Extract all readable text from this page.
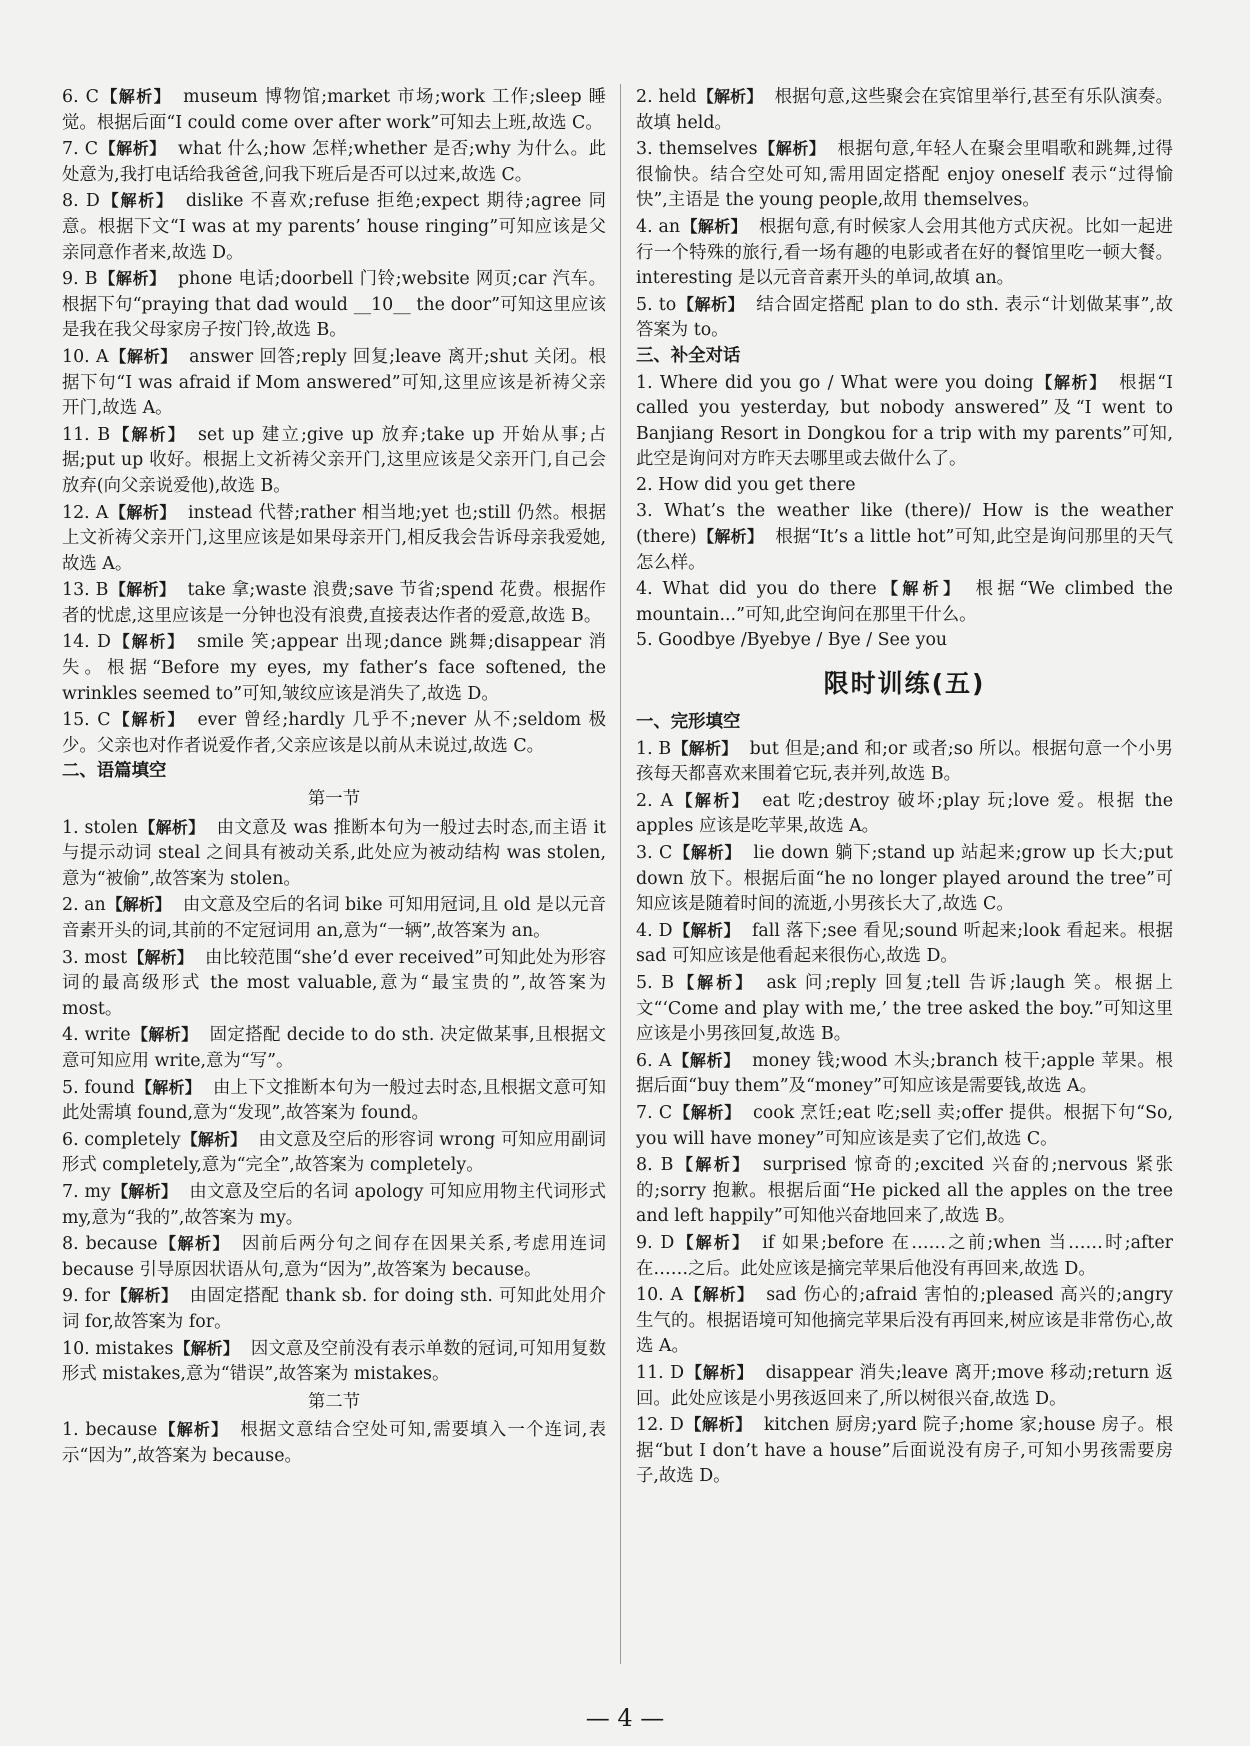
6. C【解析】 museum 博物馆;market 市场;work 工作;sleep 睡觉。根据后面“I could come over after work”可知去上班,故选 C。

7. C【解析】 what 什么;how 怎样;whether 是否;why 为什么。此处意为,我打电话给我爸爸,问我下班后是否可以过来,故选 C。

8. D【解析】 dislike 不喜欢;refuse 拒绝;expect 期待;agree 同意。根据下文“I was at my parents’ house ringing”可知应该是父亲同意作者来,故选 D。

9. B【解析】 phone 电话;doorbell 门铃;website 网页;car 汽车。根据下句“praying that dad would __10__ the door”可知这里应该是我在我父母家房子按门铃,故选 B。

10. A【解析】 answer 回答;reply 回复;leave 离开;shut 关闭。根据下句“I was afraid if Mom answered”可知,这里应该是祈祷父亲开门,故选 A。

11. B【解析】 set up 建立;give up 放弃;take up 开始从事;占据;put up 收好。根据上文祈祷父亲开门,这里应该是父亲开门,自己会放弃(向父亲说爱他),故选 B。

12. A【解析】 instead 代替;rather 相当地;yet 也;still 仍然。根据上文祈祷父亲开门,这里应该是如果母亲开门,相反我会告诉母亲我爱她,故选 A。

13. B【解析】 take 拿;waste 浪费;save 节省;spend 花费。根据作者的忧虑,这里应该是一分钟也没有浪费,直接表达作者的爱意,故选 B。

14. D【解析】 smile 笑;appear 出现;dance 跳舞;disappear 消失。根据“Before my eyes, my father’s face softened, the wrinkles seemed to”可知,皱纹应该是消失了,故选 D。

15. C【解析】 ever 曾经;hardly 几乎不;never 从不;seldom 极少。父亲也对作者说爱作者,父亲应该是以前从未说过,故选 C。

二、语篇填空
第一节

1. stolen【解析】 由文意及 was 推断本句为一般过去时态,而主语 it 与提示动词 steal 之间具有被动关系,此处应为被动结构 was stolen,意为“被偷”,故答案为 stolen。

2. an【解析】 由文意及空后的名词 bike 可知用冠词,且 old 是以元音音素开头的词,其前的不定冠词用 an,意为“一辆”,故答案为 an。

3. most【解析】 由比较范围“she’d ever received”可知此处为形容词的最高级形式 the most valuable,意为“最宝贵的”,故答案为 most。

4. write【解析】 固定搭配 decide to do sth. 决定做某事,且根据文意可知应用 write,意为“写”。

5. found【解析】 由上下文推断本句为一般过去时态,且根据文意可知此处需填 found,意为“发现”,故答案为 found。

6. completely【解析】 由文意及空后的形容词 wrong 可知应用副词形式 completely,意为“完全”,故答案为 completely。

7. my【解析】 由文意及空后的名词 apology 可知应用物主代词形式 my,意为“我的”,故答案为 my。

8. because【解析】 因前后两分句之间存在因果关系,考虑用连词 because 引导原因状语从句,意为“因为”,故答案为 because。

9. for【解析】 由固定搭配 thank sb. for doing sth. 可知此处用介词 for,故答案为 for。

10. mistakes【解析】 因文意及空前没有表示单数的冠词,可知用复数形式 mistakes,意为“错误”,故答案为 mistakes。

第二节

1. because【解析】 根据文意结合空处可知,需要填入一个连词,表示“因为”,故答案为 because。

2. held【解析】 根据句意,这些聚会在宾馆里举行,甚至有乐队演奏。故填 held。

3. themselves【解析】 根据句意,年轻人在聚会里唱歌和跳舞,过得很愉快。结合空处可知,需用固定搭配 enjoy oneself 表示“过得愉快”,主语是 the young people,故用 themselves。

4. an【解析】 根据句意,有时候家人会用其他方式庆祝。比如一起进行一个特殊的旅行,看一场有趣的电影或者在好的餐馆里吃一顿大餐。interesting 是以元音音素开头的单词,故填 an。

5. to【解析】 结合固定搭配 plan to do sth. 表示“计划做某事”,故答案为 to。

三、补全对话

1. Where did you go / What were you doing【解析】 根据“I called you yesterday, but nobody answered”及“I went to Banjiang Resort in Dongkou for a trip with my parents”可知,此空是询问对方昨天去哪里或去做什么了。

2. How did you get there

3. What’s the weather like (there)/ How is the weather (there)【解析】 根据“It’s a little hot”可知,此空是询问那里的天气怎么样。

4. What did you do there【解析】 根据“We climbed the mountain...”可知,此空询问在那里干什么。

5. Goodbye /Byebye / Bye / See you

限时训练(五)
一、完形填空

1. B【解析】 but 但是;and 和;or 或者;so 所以。根据句意一个小男孩每天都喜欢来围着它玩,表并列,故选 B。

2. A【解析】 eat 吃;destroy 破坏;play 玩;love 爱。根据 the apples 应该是吃苹果,故选 A。

3. C【解析】 lie down 躺下;stand up 站起来;grow up 长大;put down 放下。根据后面“he no longer played around the tree”可知应该是随着时间的流逝,小男孩长大了,故选 C。

4. D【解析】 fall 落下;see 看见;sound 听起来;look 看起来。根据 sad 可知应该是他看起来很伤心,故选 D。

5. B【解析】 ask 问;reply 回复;tell 告诉;laugh 笑。根据上文“‘Come and play with me,’ the tree asked the boy.”可知这里应该是小男孩回复,故选 B。

6. A【解析】 money 钱;wood 木头;branch 枝干;apple 苹果。根据后面“buy them”及“money”可知应该是需要钱,故选 A。

7. C【解析】 cook 烹饪;eat 吃;sell 卖;offer 提供。根据下句“So, you will have money”可知应该是卖了它们,故选 C。

8. B【解析】 surprised 惊奇的;excited 兴奋的;nervous 紧张的;sorry 抱歉。根据后面“He picked all the apples on the tree and left happily”可知他兴奋地回来了,故选 B。

9. D【解析】 if 如果;before 在……之前;when 当……时;after 在……之后。此处应该是摘完苹果后他没有再回来,故选 D。

10. A【解析】 sad 伤心的;afraid 害怕的;pleased 高兴的;angry 生气的。根据语境可知他摘完苹果后没有再回来,树应该是非常伤心,故选 A。

11. D【解析】 disappear 消失;leave 离开;move 移动;return 返回。此处应该是小男孩返回来了,所以树很兴奋,故选 D。

12. D【解析】 kitchen 厨房;yard 院子;home 家;house 房子。根据“but I don’t have a house”后面说没有房子,可知小男孩需要房子,故选 D。

— 4 —
